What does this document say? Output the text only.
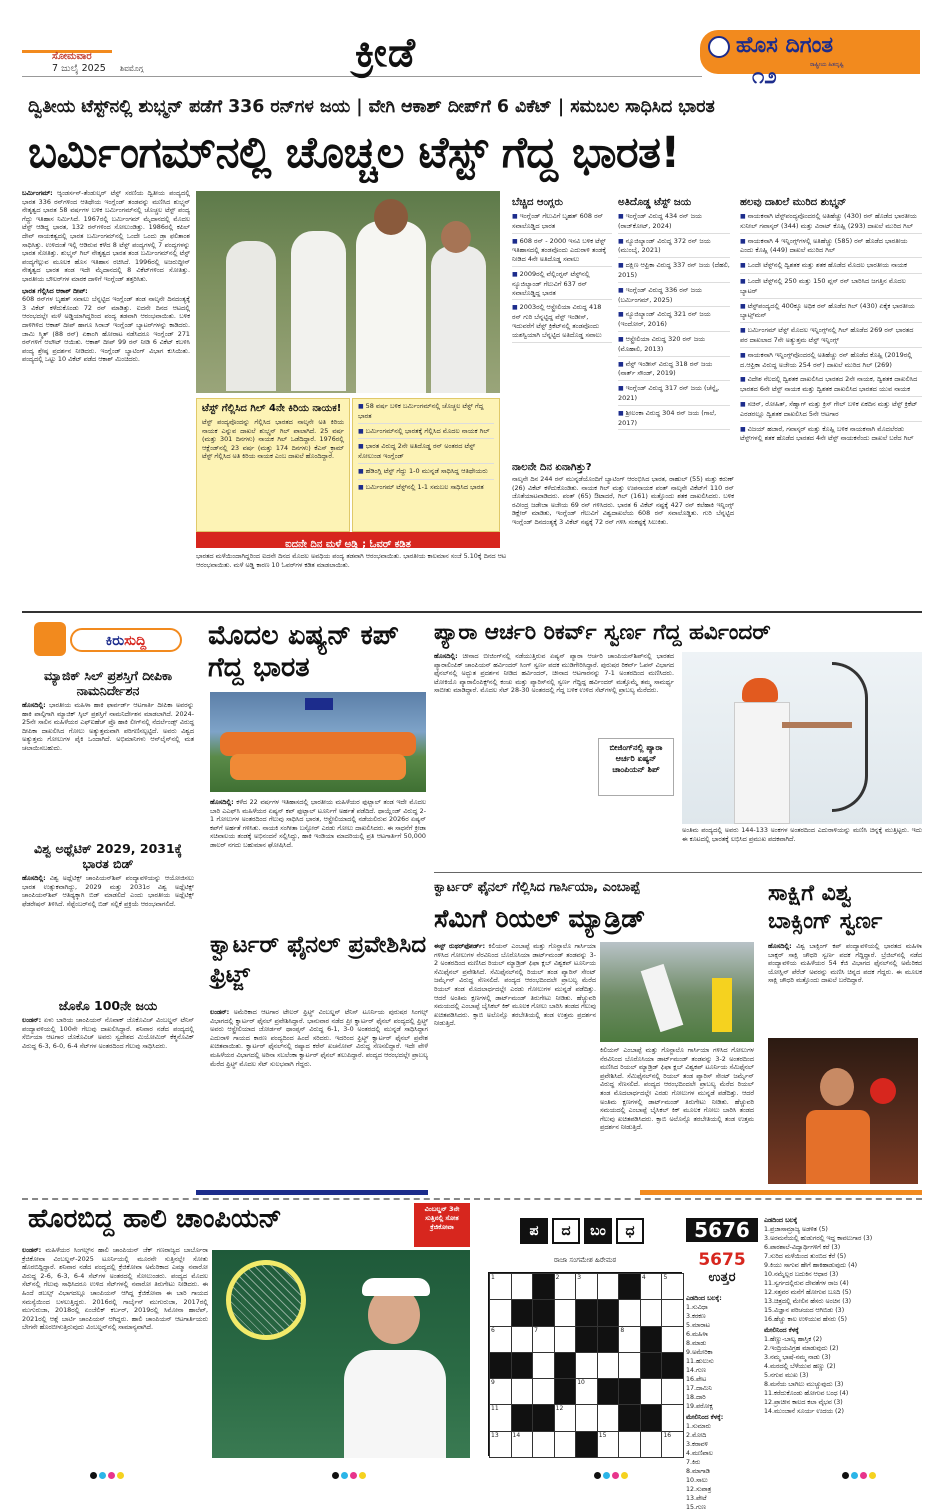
ಸೋಮವಾರ
7 ಜುಲೈ 2025 ಶಿವಮೊಗ್ಗ	ಕ್ರೀಡೆ	ಹೊಸ ದಿಗಂತ
ರಾಷ್ಟ್ರೀಯ ಹಿತದೃಷ್ಟಿ
೧೨
ದ್ವಿತೀಯ ಟೆಸ್ಟ್‌ನಲ್ಲಿ ಶುಭ್ಮನ್ ಪಡೆಗೆ 336 ರನ್‌ಗಳ ಜಯ | ವೇಗಿ ಆಕಾಶ್ ದೀಪ್‌ಗೆ 6 ವಿಕೆಟ್ | ಸಮಬಲ ಸಾಧಿಸಿದ ಭಾರತ
ಬರ್ಮಿಂಗಮ್‌ನಲ್ಲಿ ಚೊಚ್ಚಲ ಟೆಸ್ಟ್ ಗೆದ್ದ ಭಾರತ!
ಬರ್ಮಿಂಗಮ್: ಆ್ಯಂಡರ್ಸನ್-ತೆಂಡುಲ್ಕರ್ ಟೆಸ್ಟ್ ಸರಣಿಯ ದ್ವಿತೀಯ ಪಂದ್ಯದಲ್ಲಿ ಭಾರತ 336 ರನ್‌ಗಳಿಂದ ಆತಿಥೇಯ ಇಂಗ್ಲೆಂಡ್ ತಂಡವನ್ನು ಮಣಿಸಿದ ಶುಭ್ಮನ್ ನೇತೃತ್ವದ ಭಾರತ 58 ವರ್ಷಗಳ ಬಳಿಕ ಬರ್ಮಿಂಗಮ್‌ನಲ್ಲಿ ಚೊಚ್ಚಲ ಟೆಸ್ಟ್ ಪಂದ್ಯ ಗೆದ್ದು ಇತಿಹಾಸ ನಿರ್ಮಿಸಿದೆ. 1967ರಲ್ಲಿ ಬರ್ಮಿಂಗಮ್ ಮೈದಾನದಲ್ಲಿ ಮೊದಲ ಟೆಸ್ಟ್ ಆಡಿದ್ದ ಭಾರತ, 132 ರನ್‌ಗಳಿಂದ ಸೋಲುಂಡಿತ್ತು. 1986ರಲ್ಲಿ ಕಪಿಲ್ ದೇವ್ ನಾಯಕತ್ವದಲ್ಲಿ ಭಾರತ ಬರ್ಮಿಂಗಮ್‌ನಲ್ಲಿ ಒಂದೇ ಒಂದು ಡ್ರಾ ಫಲಿತಾಂಶ ಸಾಧಿಸಿತ್ತು. ಉಳಿದಂತೆ ಇಲ್ಲಿ ಆಡಿರುವ ಕಳೆದ 8 ಟೆಸ್ಟ್ ಪಂದ್ಯಗಳಲ್ಲಿ 7 ಪಂದ್ಯಗಳನ್ನು ಭಾರತ ಸೋತಿತ್ತು. ಶುಭ್ಮನ್ ಗಿಲ್ ನೇತೃತ್ವದ ಭಾರತ ತಂಡ ಬರ್ಮಿಂಗಮ್‌ನಲ್ಲಿ ಟೆಸ್ಟ್ ಪಂದ್ಯಗೆಲ್ಲುವ ಮೂಲಕ ಹೊಸ ಇತಿಹಾಸ ರಚಿಸಿದೆ. 1996ರಲ್ಲಿ ಅಜರುದ್ದೀನ್ ನೇತೃತ್ವದ ಭಾರತ ತಂಡ ಇದೇ ಮೈದಾನದಲ್ಲಿ 8 ವಿಕೆಟ್‌ಗಳಿಂದ ಸೋತಿತ್ತು. ಭಾರತೀಯ ಬೌಲರ್‌ಗಳ ಮಾರಕ ದಾಳಿಗೆ ಇಂಗ್ಲೆಂಡ್ ತತ್ತರಿಸಿತು.
ಭಾರತ ಗೆಲ್ಲಿಸಿದ ಆಕಾಶ್ ದೀಪ್:
608 ರನ್‌ಗಳ ಬೃಹತ್ ಸವಾಲು ಬೆನ್ನಟ್ಟಿದ ಇಂಗ್ಲೆಂಡ್ ತಂಡ ನಾಲ್ಕನೇ ದಿನದಂತ್ಯಕ್ಕೆ 3 ವಿಕೆಟ್ ಕಳೆದುಕೊಂಡು 72 ರನ್ ಮಾಡಿತ್ತು. ಐದನೇ ದಿನದ ಆಟದಲ್ಲಿ ಆರಂಭದಲ್ಲೇ ಮಳೆ ಅಡ್ಡಿಯಾಗಿದ್ದರಿಂದ ಪಂದ್ಯ ತಡವಾಗಿ ಆರಂಭವಾಯಿತು. ಬಳಿಕ ದಾಳಿಗಿಳಿದ ಆಕಾಶ್ ದೀಪ್ ಹಾಗೂ ಸಿರಾಜ್ ಇಂಗ್ಲೆಂಡ್ ಬ್ಯಾಟರ್‌ಗಳನ್ನು ಕಾಡಿದರು. ಜಾಮಿ ಸ್ಮಿತ್ (88 ರನ್) ಏಕಾಂಗಿ ಹೋರಾಟ ನಡೆಸಿದರೂ ಇಂಗ್ಲೆಂಡ್ 271 ರನ್‌ಗಳಿಗೆ ಆಲೌಟ್ ಆಯಿತು. ಆಕಾಶ್ ದೀಪ್ 99 ರನ್ ನೀಡಿ 6 ವಿಕೆಟ್ ಕಬಳಿಸಿ ಪಂದ್ಯ ಶ್ರೇಷ್ಠ ಪ್ರದರ್ಶನ ನೀಡಿದರು. ಇಂಗ್ಲೆಂಡ್ ಬ್ಯಾಟಿಂಗ್ ವಿಭಾಗ ಕುಸಿಯಿತು. ಪಂದ್ಯದಲ್ಲಿ ಒಟ್ಟು 10 ವಿಕೆಟ್ ಪಡೆದ ಆಕಾಶ್ ಮಿಂಚಿದರು.
ಟೆಸ್ಟ್ ಗೆಲ್ಲಿಸಿದ ಗಿಲ್ 4ನೇ ಕಿರಿಯ ನಾಯಕ!
ಟೆಸ್ಟ್ ಪಂದ್ಯವೊಂದನ್ನು ಗೆಲ್ಲಿಸಿದ ಭಾರತದ ನಾಲ್ಕನೇ ಅತಿ ಕಿರಿಯ ನಾಯಕ ಎನ್ನುವ ದಾಖಲೆ ಶುಭ್ಮನ್ ಗಿಲ್ ಪಾಲಾಗಿದೆ. 25 ವರ್ಷ (ಮತ್ತು 301 ದಿನಗಳು) ನಾಯಕ ಗಿಲ್ ಒಡೆದಿದ್ದಾರೆ. 1976ರಲ್ಲಿ ಆಕ್ಲೆಂಡ್‌ನಲ್ಲಿ 23 ವರ್ಷ (ಮತ್ತು 174 ದಿನಗಳು) ಕೆಎಸ್‌ ಕ್ರಾಮ್ ಟೆಸ್ಟ್ ಗೆಲ್ಲಿಸಿದ ಅತಿ ಕಿರಿಯ ನಾಯಕ ಎಂಬ ದಾಖಲೆ ಹೊಂದಿದ್ದಾರೆ.
■ 58 ವರ್ಷ ಬಳಿಕ ಬರ್ಮಿಂಗಮ್‌ನಲ್ಲಿ ಚೊಚ್ಚಲ ಟೆಸ್ಟ್ ಗೆದ್ದ ಭಾರತ
■ ಬರ್ಮಿಂಗಮ್‌ನಲ್ಲಿ ಭಾರತಕ್ಕೆ ಗೆಲ್ಲಿಸಿದ ಮೊದಲ ನಾಯಕ ಗಿಲ್
■ ಭಾರತ ವಿರುದ್ಧ 2ನೇ ಅತಿದೊಡ್ಡ ರನ್ ಅಂತರದ ಟೆಸ್ಟ್ ಸೋಲುಂಡ ಇಂಗ್ಲೆಂಡ್
■ ಹೆಡಿಂಗ್ಲಿ ಟೆಸ್ಟ್ ಗೆದ್ದು 1-0 ಮುನ್ನಡೆ ಸಾಧಿಸಿದ್ದ ಆತಿಥೇಯರು
■ ಬರ್ಮಿಂಗಮ್ ಟೆಸ್ಟ್‌ನಲ್ಲಿ 1-1 ಸಮಬಲ ಸಾಧಿಸಿದ ಭಾರತ
ಐದನೇ ದಿನ ಮಳೆ ಅಡ್ಡಿ ; ಓವರ್ ಕಡಿತ
ಭಾರತದ ಮಳೆಯಿಂದಾಗಿದ್ದರಿಂದ ಐದನೇ ದಿನದ ಮೊದಲ ಅವಧಿಯ ಪಂದ್ಯ ತಡವಾಗಿ ಆರಂಭವಾಯಿತು. ಭಾರತೀಯ ಕಾಲಮಾನ ಸಂಜೆ 5.10ಕ್ಕೆ ದಿನದ ಆಟ ಆರಂಭವಾಯಿತು. ಮಳೆ ಅಡ್ಡಿ ಕಾರಣ 10 ಓವರ್‌ಗಳ ಕಡಿತ ಮಾಡಲಾಯಿತು.
ಬೆಚ್ಚಿದ ಆಂಗ್ಲರು
■ ಇಂಗ್ಲೆಂಡ್ ಗೆಲುವಿಗೆ ಬೃಹತ್ 608 ರನ್ ಸವಾಲೊಡ್ಡಿದ ಭಾರತ
■ 608 ರನ್ - 2000 ಇಸವಿ ಬಳಿಕ ಟೆಸ್ಟ್ ಇತಿಹಾಸದಲ್ಲಿ ತಂಡವೊಂದು ಎದುರಾಳಿ ತಂಡಕ್ಕೆ ನೀಡಿದ 4ನೇ ಅತಿದೊಡ್ಡ ಸವಾಲು
■ 2009ರಲ್ಲಿ ವೆಲ್ಲಿಂಗ್ಟನ್ ಟೆಸ್ಟ್‌ನಲ್ಲಿ ನ್ಯೂಜಿಲ್ಯಾಂಡ್ ಗೆಲುವಿಗೆ 637 ರನ್ ಸವಾಲೊಡ್ಡಿದ್ದ ಭಾರತ
■ 2003ರಲ್ಲಿ ಆಸ್ಟ್ರೇಲಿಯಾ ವಿರುದ್ಧ 418 ರನ್ ಗುರಿ ಬೆನ್ನಟ್ಟಿದ್ದ ವೆಸ್ಟ್ ಇಂಡೀಸ್, ಇದುವರೆಗೆ ಟೆಸ್ಟ್ ಕ್ರಿಕೆಟ್‌ನಲ್ಲಿ ತಂಡವೊಂದು ಯಶಸ್ವಿಯಾಗಿ ಬೆನ್ನಟ್ಟಿದ ಅತಿದೊಡ್ಡ ಸವಾಲು
ಅತಿದೊಡ್ಡ ಟೆಸ್ಟ್ ಜಯ
■ ಇಂಗ್ಲೆಂಡ್ ವಿರುದ್ಧ 434 ರನ್ ಜಯ (ರಾಜ್‌ಕೋಟ್, 2024)
■ ನ್ಯೂಜಿಲ್ಯಾಂಡ್ ವಿರುದ್ಧ 372 ರನ್ ಜಯ (ಮುಂಬೈ, 2021)
■ ದಕ್ಷಿಣ ಆಫ್ರಿಕಾ ವಿರುದ್ಧ 337 ರನ್ ಜಯ (ದೆಹಲಿ, 2015)
■ ಇಂಗ್ಲೆಂಡ್ ವಿರುದ್ಧ 336 ರನ್ ಜಯ (ಬರ್ಮಿಂಗಮ್, 2025)
■ ನ್ಯೂಜಿಲ್ಯಾಂಡ್ ವಿರುದ್ಧ 321 ರನ್ ಜಯ (ಇಂದೋರ್, 2016)
■ ಆಸ್ಟ್ರೇಲಿಯಾ ವಿರುದ್ಧ 320 ರನ್ ಜಯ (ಮೊಹಾಲಿ, 2013)
■ ವೆಸ್ಟ್ ಇಂಡೀಸ್ ವಿರುದ್ಧ 318 ರನ್ ಜಯ (ನಾರ್ತ್ ಸೌಂಡ್, 2019)
■ ಇಂಗ್ಲೆಂಡ್ ವಿರುದ್ಧ 317 ರನ್ ಜಯ (ಚೆನ್ನೈ, 2021)
■ ಶ್ರೀಲಂಕಾ ವಿರುದ್ಧ 304 ರನ್ ಜಯ (ಗಾಲೆ, 2017)
ನಾಲನೇ ದಿನ ಏನಾಗಿತ್ತು?
ನಾಲ್ಕನೇ ದಿನ 244 ರನ್ ಮುನ್ನಡೆಯೊಂದಿಗೆ ಬ್ಯಾಟಿಂಗ್ ಆರಂಭಿಸಿದ ಭಾರತ, ರಾಹುಲ್ (55) ಮತ್ತು ಕರುಣ್ (26) ವಿಕೆಟ್ ಕಳೆದುಕೊಂಡಿತು. ನಾಯಕ ಗಿಲ್ ಮತ್ತು ಉಪನಾಯಕ ಪಂತ್ ನಾಲ್ಕನೇ ವಿಕೆಟ್‌ಗೆ 110 ರನ್ ಜೊತೆಯಾಟವಾಡಿದರು. ಪಂತ್ (65) ಔಟಾದರೆ, ಗಿಲ್ (161) ಮತ್ತೊಂದು ಶತಕ ದಾಖಲಿಸಿದರು. ಬಳಿಕ ರವೀಂದ್ರ ಜಡೇಜಾ ಅಜೇಯ 69 ರನ್ ಗಳಿಸಿದರು. ಭಾರತ 6 ವಿಕೆಟ್ ನಷ್ಟಕ್ಕೆ 427 ರನ್ ಕಲೆಹಾಕಿ ಇನ್ನಿಂಗ್ಸ್ ಡಿಕ್ಲೇರ್ ಮಾಡಿತು, ಇಂಗ್ಲೆಂಡ್ ಗೆಲುವಿಗೆ ವಿಶ್ವದಾಖಲೆಯ 608 ರನ್ ಸವಾಲೊಡ್ಡಿತು. ಗುರಿ ಬೆನ್ನಟ್ಟಿದ ಇಂಗ್ಲೆಂಡ್ ದಿನದಂತ್ಯಕ್ಕೆ 3 ವಿಕೆಟ್ ನಷ್ಟಕ್ಕೆ 72 ರನ್ ಗಳಿಸಿ ಸಂಕಷ್ಟಕ್ಕೆ ಸಿಲುಕಿತು.
ಹಲವು ದಾಖಲೆ ಮುರಿದ ಶುಭ್ಮನ್
■ ನಾಯಕನಾಗಿ ಟೆಸ್ಟ್‌ಪಂದ್ಯವೊಂದರಲ್ಲಿ ಅತಿಹೆಚ್ಚು (430) ರನ್ ಹೊಡೆದ ಭಾರತೀಯ ಸುನೀಲ್ ಗವಾಸ್ಕರ್ (344) ಮತ್ತು ವಿರಾಟ್ ಕೊಹ್ಲಿ (293) ದಾಖಲೆ ಮುರಿದ ಗಿಲ್
■ ನಾಯಕನಾಗಿ 4 ಇನ್ನಿಂಗ್ಸ್‌ಗಳಲ್ಲಿ ಅತಿಹೆಚ್ಚು (585) ರನ್ ಹೊಡೆದ ಭಾರತೀಯ ಎಂದು ಕೊಹ್ಲಿ (449) ದಾಖಲೆ ಮುರಿದ ಗಿಲ್
■ ಒಂದೇ ಟೆಸ್ಟ್‌ನಲ್ಲಿ ದ್ವಿಶತಕ ಮತ್ತು ಶತಕ ಹೊಡೆದ ಮೊದಲ ಭಾರತೀಯ ನಾಯಕ
■ ಒಂದೇ ಟೆಸ್ಟ್‌ನಲ್ಲಿ 250 ಮತ್ತು 150 ಪ್ಲಸ್ ರನ್ ಬಾರಿಸಿದ ಜಗತ್ತಿನ ಮೊದಲ ಬ್ಯಾಟರ್
■ ಟೆಸ್ಟ್‌ಪಂದ್ಯದಲ್ಲಿ 400ಕ್ಕೂ ಅಧಿಕ ರನ್ ಹೊಡೆದ ಗಿಲ್ (430) ಏಕೈಕ ಭಾರತೀಯ ಬ್ಯಾಟ್ಸ್‌ಮನ್
■ ಬರ್ಮಿಂಗಮ್ ಟೆಸ್ಟ್ ಮೊದಲ ಇನ್ನಿಂಗ್ಸ್‌ನಲ್ಲಿ ಗಿಲ್ ಹೊಡೆದ 269 ರನ್ ಭಾರತದ ಪರ ದಾಖಲಾದ 7ನೇ ಅತ್ಯುತ್ತಮ ಟೆಸ್ಟ್ ಇನ್ನಿಂಗ್ಸ್
■ ನಾಯಕನಾಗಿ ಇನ್ನಿಂಗ್ಸ್‌ವೊಂದರಲ್ಲಿ ಅತಿಹೆಚ್ಚು ರನ್ ಹೊಡೆದ ಕೊಹ್ಲಿ (2019ರಲ್ಲಿ ದ.ಆಫ್ರಿಕಾ ವಿರುದ್ಧ ಅಜೇಯ 254 ರನ್) ದಾಖಲೆ ಮುರಿದ ಗಿಲ್ (269)
■ ವಿದೇಶ ನೆಲದಲ್ಲಿ ದ್ವಿಶತಕ ದಾಖಲಿಸಿದ ಭಾರತದ 2ನೇ ನಾಯಕ, ದ್ವಿಶತಕ ದಾಖಲಿಸಿದ ಭಾರತದ 6ನೇ ಟೆಸ್ಟ್ ನಾಯಕ ಮತ್ತು ದ್ವಿಶತಕ ದಾಖಲಿಸಿದ ಭಾರತದ ಯುವ ನಾಯಕ
■ ಸಚಿನ್, ರೋಹಿತ್, ಸೆಹ್ವಾಗ್ ಮತ್ತು ಕ್ರಿಸ್ ಗೇಲ್ ಬಳಿಕ ಏಕದಿನ ಮತ್ತು ಟೆಸ್ಟ್ ಕ್ರಿಕೆಟ್ ಎರಡರಲ್ಲೂ ದ್ವಿಶತಕ ದಾಖಲಿಸಿದ 5ನೇ ಆಟಗಾರ
■ ವಿಜಯ್ ಹಜಾರೆ, ಗವಾಸ್ಕರ್ ಮತ್ತು ಕೊಹ್ಲಿ ಬಳಿಕ ನಾಯಕನಾಗಿ ಮೊದಲೆರಡು ಟೆಸ್ಟ್‌ಗಳಲ್ಲಿ ಶತಕ ಹೊಡೆದ ಭಾರತದ 4ನೇ ಟೆಸ್ಟ್ ನಾಯಕನೆಂದು ದಾಖಲೆ ಬರೆದ ಗಿಲ್
ಕಿರುಸುದ್ದಿ
ಮ್ಯಾಜಿಕ್ ಸಿಲ್ ಪ್ರಶಸ್ತಿಗೆ ದೀಪಿಕಾ ನಾಮನಿರ್ದೇಶನ
ಹೊಸದಿಲ್ಲಿ: ಭಾರತೀಯ ಮಹಿಳಾ ಹಾಕಿ ಫಾರ್ವರ್ಡ್ ಆಟಗಾರ್ತಿ ದೀಪಿಕಾ ಅವರನ್ನು ಹಾಕಿ ಪಾಲ್ಗಿಗಾಗಿ ಮ್ಯಾಜಿಕ್ ಸ್ಕಿಲ್ ಪ್ರಶಸ್ತಿಗೆ ನಾಮನಿರ್ದೇಶನ ಮಾಡಲಾಗಿದೆ. 2024-25ನೇ ಸಾಲಿನ ಮಹಿಳೆಯರ ಎಫ್‌ಐಹೆಚ್ ಪ್ರೊ ಹಾಕಿ ಲೀಗ್‌ನಲ್ಲಿ ನೆದರ್ಲೆಂಡ್ಸ್ ವಿರುದ್ಧ ದೀಪಿಕಾ ದಾಖಲಿಸಿದ ಗೋಲು ಅತ್ಯುತ್ತಮವಾಗಿ ಪರಿಗಣಿಸಲ್ಪಟ್ಟಿದೆ. ಅವರು ವಿಶ್ವದ ಅತ್ಯುತ್ತಮ ಗೋಲುಗಳ ಪೈಕಿ ಒಂದಾಗಿದೆ. ಅಭಿಮಾನಿಗಳು ಆನ್‌ಲೈನ್‌ನಲ್ಲಿ ಮತ ಚಲಾಯಿಸಬಹುದು.
ವಿಶ್ವ ಅಥ್ಲೆಟಿಕ್ 2029, 2031ಕ್ಕೆ ಭಾರತ ಬಿಡ್
ಹೊಸದಿಲ್ಲಿ: ವಿಶ್ವ ಅಥ್ಲೆಟಿಕ್ಸ್ ಚಾಂಪಿಯನ್‌ಶಿಪ್ ಪಂದ್ಯಾವಳಿಯನ್ನು ಆಯೋಜಿಸಲು ಭಾರತ ಉತ್ಸುಕವಾಗಿದ್ದು, 2029 ಮತ್ತು 2031ರ ವಿಶ್ವ ಅಥ್ಲೆಟಿಕ್ಸ್ ಚಾಂಪಿಯನ್‌ಶಿಪ್ ಆತಿಥ್ಯಕ್ಕಾಗಿ ಬಿಡ್ ಮಾಡಲಿದೆ ಎಂದು ಭಾರತೀಯ ಅಥ್ಲೆಟಿಕ್ಸ್ ಫೆಡರೇಷನ್ ತಿಳಿಸಿದೆ. ಸೆಪ್ಟೆಂಬರ್‌ನಲ್ಲಿ ಬಿಡ್ ಸಲ್ಲಿಕೆ ಪ್ರಕ್ರಿಯೆ ಆರಂಭವಾಗಲಿದೆ.
ಜೊಕೊ 100ನೇ ಜಯ
ಲಂಡನ್: ಏಳು ಬಾರಿಯ ಚಾಂಪಿಯನ್ ನೊವಾಕ್ ಜೊಕೊವಿಚ್ ವಿಂಬಲ್ಡನ್ ಟೆನಿಸ್ ಪಂದ್ಯಾವಳಿಯಲ್ಲಿ 100ನೇ ಗೆಲುವು ದಾಖಲಿಸಿದ್ದಾರೆ. ಶನಿವಾರ ನಡೆದ ಪಂದ್ಯದಲ್ಲಿ ಸೆರ್ಬಿಯಾ ಆಟಗಾರ ಜೊಕೊವಿಚ್ ಅವರು ಸ್ವದೇಶದ ಮಿಯೋಮಿರ್ ಕೆಕ್ಮನೊವಿಕ್ ವಿರುದ್ಧ 6-3, 6-0, 6-4 ಸೆಟ್‌ಗಳ ಅಂತರದಿಂದ ಗೆಲುವು ಸಾಧಿಸಿದರು.
ಮೊದಲ ಏಷ್ಯನ್ ಕಪ್ ಗೆದ್ದ ಭಾರತ
ಹೊಸದಿಲ್ಲಿ: ಕಳೆದ 22 ವರ್ಷಗಳ ಇತಿಹಾಸದಲ್ಲಿ ಭಾರತೀಯ ಮಹಿಳೆಯರ ಫುಟ್ಬಾಲ್ ತಂಡ ಇದೇ ಮೊದಲ ಬಾರಿ ಎಎಫ್‌ಸಿ ಮಹಿಳೆಯರ ಏಷ್ಯನ್ ಕಪ್ ಫುಟ್ಬಾಲ್ ಟೂರ್ನಿಗೆ ಅರ್ಹತೆ ಪಡೆದಿದೆ. ಥಾಯ್ಲೆಂಡ್ ವಿರುದ್ಧ 2-1 ಗೋಲುಗಳ ಅಂತರದಿಂದ ಗೆಲುವು ಸಾಧಿಸಿದ ಭಾರತ, ಆಸ್ಟ್ರೇಲಿಯಾದಲ್ಲಿ ನಡೆಯಲಿರುವ 2026ರ ಏಷ್ಯನ್ ಕಪ್‌ಗೆ ಅರ್ಹತೆ ಗಳಿಸಿತು. ನಾಯಕಿ ಸಂಗೀತಾ ಬಸ್ಫೋರ್ ಎರಡು ಗೋಲು ದಾಖಲಿಸಿದರು. ಈ ಸಾಧನೆಗೆ ಕ್ರೀಡಾ ಸಚಿವಾಲಯ ತಂಡಕ್ಕೆ ಅಭಿನಂದನೆ ಸಲ್ಲಿಸಿದ್ದು, ಹಾಕಿ ಇಂಡಿಯಾ ಮಾದರಿಯಲ್ಲಿ ಪ್ರತಿ ಆಟಗಾರ್ತಿಗೆ 50,000 ಡಾಲರ್ ನಗದು ಬಹುಮಾನ ಘೋಷಿಸಿದೆ.
ಪ್ಯಾರಾ ಆರ್ಚರಿ ರಿಕರ್ವ್ ಸ್ವರ್ಣ ಗೆದ್ದ ಹರ್ವಿಂದರ್
ಹೊಸದಿಲ್ಲಿ: ಚೀನಾದ ಬೀಜಿಂಗ್‌ನಲ್ಲಿ ನಡೆಯುತ್ತಿರುವ ಏಷ್ಯನ್ ಪ್ಯಾರಾ ಆರ್ಚರಿ ಚಾಂಪಿಯನ್‌ಶಿಪ್‌ನಲ್ಲಿ ಭಾರತದ ಪ್ಯಾರಾಲಿಂಪಿಕ್ ಚಾಂಪಿಯನ್ ಹರ್ವಿಂದರ್ ಸಿಂಗ್ ಸ್ವರ್ಣ ಪದಕ ಮುಡಿಗೇರಿಸಿದ್ದಾರೆ. ಪುರುಷರ ರಿಕರ್ವ್ ಓಪನ್ ವಿಭಾಗದ ಫೈನಲ್‌ನಲ್ಲಿ ಅದ್ಭುತ ಪ್ರದರ್ಶನ ನೀಡಿದ ಹರ್ವಿಂದರ್, ಚೀನಾದ ಆಟಗಾರನನ್ನು 7-1 ಅಂತರದಿಂದ ಮಣಿಸಿದರು. ಟೋಕಿಯೊ ಪ್ಯಾರಾಲಿಂಪಿಕ್ಸ್‌ನಲ್ಲಿ ಕಂಚು ಮತ್ತು ಪ್ಯಾರಿಸ್‌ನಲ್ಲಿ ಸ್ವರ್ಣ ಗೆದ್ದಿದ್ದ ಹರ್ವಿಂದರ್ ಮತ್ತೊಮ್ಮೆ ತಮ್ಮ ಸಾಮರ್ಥ್ಯ ಸಾಬೀತು ಮಾಡಿದ್ದಾರೆ. ಮೊದಲ ಸೆಟ್ 28-30 ಅಂತರದಲ್ಲಿ ಗೆದ್ದ ಬಳಿಕ ಉಳಿದ ಸೆಟ್‌ಗಳಲ್ಲಿ ಪ್ರಾಬಲ್ಯ ಮೆರೆದರು.
ಬೀಜಿಂಗ್‌ನಲ್ಲಿ ಪ್ಯಾರಾ ಆರ್ಚರಿ ಏಷ್ಯನ್ ಚಾಂಪಿಯನ್ ಶಿಪ್
ಅಂತಿಮ ಪಂದ್ಯದಲ್ಲಿ ಅವರು 144-133 ಅಂಕಗಳ ಅಂತರದಿಂದ ಎದುರಾಳಿಯನ್ನು ಮಣಿಸಿ ಚಿನ್ನಕ್ಕೆ ಮುತ್ತಿಟ್ಟರು. ಇದು ಈ ಕೂಟದಲ್ಲಿ ಭಾರತಕ್ಕೆ ಲಭಿಸಿದ ಪ್ರಮುಖ ಪದಕವಾಗಿದೆ.
ಕ್ವಾರ್ಟರ್ ಫೈನಲ್ ಗೆಲ್ಲಿಸಿದ ಗಾರ್ಸಿಯಾ, ಎಂಬಾಪ್ಪೆ
ಸೆಮಿಗೆ ರಿಯಲ್ ಮ್ಯಾಡ್ರಿಡ್
ಈಸ್ಟ್ ರುಥರ್‌ಫೋರ್ಡ್: ಕಿಲಿಯನ್ ಎಂಬಾಪ್ಪೆ ಮತ್ತು ಗೊನ್ಜಾಲೊ ಗಾರ್ಸಿಯಾ ಗಳಿಸಿದ ಗೋಲುಗಳ ನೆರವಿನಿಂದ ಬೊರೊಸಿಯಾ ಡಾರ್ಟ್‌ಮಂಡ್ ತಂಡವನ್ನು 3-2 ಅಂತರದಿಂದ ಮಣಿಸಿದ ರಿಯಲ್ ಮ್ಯಾಡ್ರಿಡ್ ಫಿಫಾ ಕ್ಲಬ್ ವಿಶ್ವಕಪ್ ಟೂರ್ನಿಯ ಸೆಮಿಫೈನಲ್ ಪ್ರವೇಶಿಸಿದೆ. ಸೆಮಿಫೈನಲ್‌ನಲ್ಲಿ ರಿಯಲ್ ತಂಡ ಪ್ಯಾರಿಸ್ ಸೇಂಟ್ ಜರ್ಮೈನ್ ವಿರುದ್ಧ ಸೆಣಸಲಿದೆ. ಪಂದ್ಯದ ಆರಂಭದಿಂದಲೇ ಪ್ರಾಬಲ್ಯ ಮೆರೆದ ರಿಯಲ್ ತಂಡ ಮೊದಲಾರ್ಧದಲ್ಲೇ ಎರಡು ಗೋಲುಗಳ ಮುನ್ನಡೆ ಪಡೆದಿತ್ತು. ಆದರೆ ಅಂತಿಮ ಕ್ಷಣಗಳಲ್ಲಿ ಡಾರ್ಟ್‌ಮಂಡ್ ತಿರುಗೇಟು ನೀಡಿತು. ಹೆಚ್ಚುವರಿ ಸಮಯದಲ್ಲಿ ಎಂಬಾಪ್ಪೆ ಬೈಸಿಕಲ್ ಕಿಕ್ ಮೂಲಕ ಗೋಲು ಬಾರಿಸಿ ತಂಡದ ಗೆಲುವು ಖಚಿತಪಡಿಸಿದರು. ಕ್ಸಾಬಿ ಅಲೊನ್ಸೊ ತರಬೇತಿಯಲ್ಲಿ ತಂಡ ಉತ್ತಮ ಪ್ರದರ್ಶನ ನೀಡುತ್ತಿದೆ.
ಕಿಲಿಯನ್ ಎಂಬಾಪ್ಪೆ ಮತ್ತು ಗೊನ್ಜಾಲೊ ಗಾರ್ಸಿಯಾ ಗಳಿಸಿದ ಗೋಲುಗಳ ನೆರವಿನಿಂದ ಬೊರೊಸಿಯಾ ಡಾರ್ಟ್‌ಮಂಡ್ ತಂಡವನ್ನು 3-2 ಅಂತರದಿಂದ ಮಣಿಸಿದ ರಿಯಲ್ ಮ್ಯಾಡ್ರಿಡ್ ಫಿಫಾ ಕ್ಲಬ್ ವಿಶ್ವಕಪ್ ಟೂರ್ನಿಯ ಸೆಮಿಫೈನಲ್ ಪ್ರವೇಶಿಸಿದೆ. ಸೆಮಿಫೈನಲ್‌ನಲ್ಲಿ ರಿಯಲ್ ತಂಡ ಪ್ಯಾರಿಸ್ ಸೇಂಟ್ ಜರ್ಮೈನ್ ವಿರುದ್ಧ ಸೆಣಸಲಿದೆ. ಪಂದ್ಯದ ಆರಂಭದಿಂದಲೇ ಪ್ರಾಬಲ್ಯ ಮೆರೆದ ರಿಯಲ್ ತಂಡ ಮೊದಲಾರ್ಧದಲ್ಲೇ ಎರಡು ಗೋಲುಗಳ ಮುನ್ನಡೆ ಪಡೆದಿತ್ತು. ಆದರೆ ಅಂತಿಮ ಕ್ಷಣಗಳಲ್ಲಿ ಡಾರ್ಟ್‌ಮಂಡ್ ತಿರುಗೇಟು ನೀಡಿತು. ಹೆಚ್ಚುವರಿ ಸಮಯದಲ್ಲಿ ಎಂಬಾಪ್ಪೆ ಬೈಸಿಕಲ್ ಕಿಕ್ ಮೂಲಕ ಗೋಲು ಬಾರಿಸಿ ತಂಡದ ಗೆಲುವು ಖಚಿತಪಡಿಸಿದರು. ಕ್ಸಾಬಿ ಅಲೊನ್ಸೊ ತರಬೇತಿಯಲ್ಲಿ ತಂಡ ಉತ್ತಮ ಪ್ರದರ್ಶನ ನೀಡುತ್ತಿದೆ.
ಸಾಕ್ಷಿಗೆ ವಿಶ್ವ ಬಾಕ್ಸಿಂಗ್ ಸ್ವರ್ಣ
ಹೊಸದಿಲ್ಲಿ: ವಿಶ್ವ ಬಾಕ್ಸಿಂಗ್ ಕಪ್ ಪಂದ್ಯಾವಳಿಯಲ್ಲಿ ಭಾರತದ ಮಹಿಳಾ ಬಾಕ್ಸರ್ ಸಾಕ್ಷಿ ಚೌಧರಿ ಸ್ವರ್ಣ ಪದಕ ಗೆದ್ದಿದ್ದಾರೆ. ಬ್ರೆಜಿಲ್‌ನಲ್ಲಿ ನಡೆದ ಪಂದ್ಯಾವಳಿಯ ಮಹಿಳೆಯರ 54 ಕೆಜಿ ವಿಭಾಗದ ಫೈನಲ್‌ನಲ್ಲಿ ಅಮೆರಿಕದ ಯೋಸ್ಲಿನ್ ಪೆರೆಜ್ ಅವರನ್ನು ಮಣಿಸಿ ಚಿನ್ನದ ಪದಕ ಗೆದ್ದರು. ಈ ಮೂಲಕ ಸಾಕ್ಷಿ ಚೌಧರಿ ಮತ್ತೊಂದು ದಾಖಲೆ ಬರೆದಿದ್ದಾರೆ.
ಕ್ವಾರ್ಟರ್ ಫೈನಲ್ ಪ್ರವೇಶಿಸಿದ ಫ್ರಿಟ್ಜ್
ಲಂಡನ್: ಅಮೆರಿಕಾದ ಆಟಗಾರ ಟೇಲರ್ ಫ್ರಿಟ್ಜ್ ವಿಂಬಲ್ಡನ್ ಟೆನಿಸ್ ಟೂರ್ನಿಯ ಪುರುಷರ ಸಿಂಗಲ್ಸ್ ವಿಭಾಗದಲ್ಲಿ ಕ್ವಾರ್ಟರ್ ಫೈನಲ್ ಪ್ರವೇಶಿಸಿದ್ದಾರೆ. ಭಾನುವಾರ ನಡೆದ ಪ್ರೀ ಕ್ವಾರ್ಟರ್ ಫೈನಲ್ ಪಂದ್ಯದಲ್ಲಿ ಫ್ರಿಟ್ಜ್ ಅವರು ಆಸ್ಟ್ರೇಲಿಯಾದ ಜೋರ್ಡನ್ ಥಾಂಪ್ಸನ್ ವಿರುದ್ಧ 6-1, 3-0 ಅಂತರದಲ್ಲಿ ಮುನ್ನಡೆ ಸಾಧಿಸಿದ್ದಾಗ ಎದುರಾಳಿ ಗಾಯದ ಕಾರಣ ಪಂದ್ಯದಿಂದ ಹಿಂದೆ ಸರಿದರು. ಇದರಿಂದ ಫ್ರಿಟ್ಜ್ ಕ್ವಾರ್ಟರ್ ಫೈನಲ್ ಪ್ರವೇಶ ಖಚಿತವಾಯಿತು. ಕ್ವಾರ್ಟರ್ ಫೈನಲ್‌ನಲ್ಲಿ ರಷ್ಯಾದ ಕರೆನ್ ಖಚನೋವ್ ವಿರುದ್ಧ ಸೆಣಸಲಿದ್ದಾರೆ. ಇದೇ ವೇಳೆ ಮಹಿಳೆಯರ ವಿಭಾಗದಲ್ಲಿ ಅರಿನಾ ಸಬಲೆಂಕಾ ಕ್ವಾರ್ಟರ್ ಫೈನಲ್ ತಲುಪಿದ್ದಾರೆ. ಪಂದ್ಯದ ಆರಂಭದಲ್ಲೇ ಪ್ರಾಬಲ್ಯ ಮೆರೆದ ಫ್ರಿಟ್ಜ್ ಮೊದಲ ಸೆಟ್ ಸುಲಭವಾಗಿ ಗೆದ್ದರು.
ಹೊರಬಿದ್ದ ಹಾಲಿ ಚಾಂಪಿಯನ್	ವಿಂಬಲ್ಡನ್ 3ನೇ
ಸುತ್ತಿನಲ್ಲಿ ಸೋತ ಕ್ರೆಜಿಕೋವಾ
ಲಂಡನ್: ಮಹಿಳೆಯರ ಸಿಂಗಲ್ಸ್‌ನ ಹಾಲಿ ಚಾಂಪಿಯನ್ ಜೆಕ್ ಗಣರಾಜ್ಯದ ಬಾರ್ಬೊರಾ ಕ್ರೆಜಿಕೋವಾ ವಿಂಬಲ್ಡನ್-2025 ಟೂರ್ನಿಯಲ್ಲಿ ಮೂರನೇ ಸುತ್ತಿನಲ್ಲೇ ಸೋತು ಹೊರಬಿದ್ದಿದ್ದಾರೆ. ಶನಿವಾರ ನಡೆದ ಪಂದ್ಯದಲ್ಲಿ ಕ್ರೆಜಿಕೋವಾ ಅಮೆರಿಕಾದ ಎಮ್ಮಾ ನವಾರೋ ವಿರುದ್ಧ 2-6, 6-3, 6-4 ಸೆಟ್‌ಗಳ ಅಂತರದಲ್ಲಿ ಸೋಲುಂಡರು. ಪಂದ್ಯದ ಮೊದಲ ಸೆಟ್‌ನಲ್ಲಿ ಗೆಲುವು ಸಾಧಿಸಿದರೂ ಉಳಿದ ಸೆಟ್‌ಗಳಲ್ಲಿ ನವಾರೋ ತಿರುಗೇಟು ನೀಡಿದರು. ಈ ಹಿಂದೆ ಡಬಲ್ಸ್ ವಿಭಾಗದಲ್ಲೂ ಚಾಂಪಿಯನ್ ಆಗಿದ್ದ ಕ್ರೆಜಿಕೋವಾ ಈ ಬಾರಿ ಗಾಯದ ಸಮಸ್ಯೆಯಿಂದ ಬಳಲುತ್ತಿದ್ದರು. 2016ರಲ್ಲಿ ಗಾರ್ಬೈನ್ ಮುಗುರುಜಾ, 2017ರಲ್ಲಿ ಮುಗುರುಜಾ, 2018ರಲ್ಲಿ ಏಂಜೆಲಿಕ್ ಕರ್ಬರ್, 2019ರಲ್ಲಿ ಸಿಮೋನಾ ಹಾಲೆಪ್, 2021ರಲ್ಲಿ ಆಶ್ಲೆ ಬಾರ್ಟಿ ಚಾಂಪಿಯನ್ ಆಗಿದ್ದರು. ಹಾಲಿ ಚಾಂಪಿಯನ್ ಆಟಗಾರ್ತಿಯರು ಬೇಗನೇ ಹೊರಬೀಳುತ್ತಿರುವುದು ವಿಂಬಲ್ಡನ್‌ನಲ್ಲಿ ಸಾಮಾನ್ಯವಾಗಿದೆ.
ಪ	ದ	ಬಂ	ಧ
ರಾಜಾ ಸಂಗಮೇಶ ಹಿರೇಮಠ
1	2	3	4	5
6	7	8
9	10
11	12
13 14	15	16
5676
5675
ಉತ್ತರ
ಎಡದಿಂದ ಬಲಕ್ಕೆ:
1.ಸುವಿಧಾ
3.ಕರಕಣ
5.ಮಾರಾಟ
6.ಮಹಿಳಾ
8.ಮಾಡು
9.ಅಮೇರಿಕಾ
11.ಹುಲುಸು
14.ಗುಣ
16.ಪೇಟ
17.ದಾಮಿನಿ
18.ದಾರಿ
19.ಪರೋಕ್ಷ
ಮೇಲಿನಿಂದ ಕೆಳಕ್ಕೆ:
1.ಸುಮಾರು
2.ಮೋದಿ
3.ಕರಾವಳಿ
4.ಮಣಿಪಾಲ
7.ಕಿರು
8.ಮಾಗಾಡಿ
10.ಸಾಲು
12.ಸುಪಾತ್ರ
13.ಪೇಟೆ
15.ಗುಣ
ಎಡದಿಂದ ಬಲಕ್ಕೆ
1.ಪ್ರಜಾಸಾಮ್ರಾಜ್ಯ ಅಡಳಿತ (5)
3.ಅರಮನೆಯಲ್ಲಿ ಹುಡುಗರಲ್ಲಿ ಇದ್ದ ಕಾವಲುಗಾರ (3)
6.ಪಾಠಶಾಲೆ-ವಿದ್ಯಾರ್ಥಿಗಳಿಗೆ ಕರೆ (3)
7.ಸುರಿದ ಮಳೆಯಿಂದ ತುಂಬಿದ ಕೆರೆ (5)
9.ಕಿಯು ಸಾಗುವ ಹೇಗೆ ಹಾಕಿಹಾಡುವುದು (4)
10.ನಮ್ಮೆಲ್ಲರ ಬದುಕಿನ ಆಧಾರ (3)
11.ಸ್ವರ್ಗದಲ್ಲಿರುವ ದೇವತೆಗಳ ರಾಜ (4)
12.ಸತ್ತವರ ಮನೆಗೆ ಹೋಗುವ ಬೂದಿ (5)
13.ಚಿತ್ರದಲ್ಲಿ ಮೇಲಿನ ಹೆಸರು ಅಂಚಿನ (3)
15.ವಿಜ್ಞಾನ ಪರಿಚಯದ ಆಗಿಬಿಡು (3)
16.ಹೆಚ್ಚು ಕಾಲ ಉಳಿಯುವ ಹೆಸರು (5)
ಮೇಲಿನಿಂದ ಕೆಳಕ್ಕೆ
1.ಹೆಣ್ಣು-ಬಾಲ್ಯ ಹಾಸ್ತಿಕ (2)
2.ಇಂದ್ರಿಯವಿಗ್ರಹ ಮಾಡುವುದು (2)
3.ನಮ್ಮ ಭಾಷೆ-ನಮ್ಮ ನಾಡು (3)
4.ಮರದಲ್ಲಿ ಬೆಳೆಯುವ ಹಣ್ಣು (2)
5.ನಗುವ ಮುಖ (3)
8.ಮನೆಯ ಬಾಗಿಲು ಮುಚ್ಚುವುದು (3)
11.ಕರೆದುಕೊಂಡು ಹೋಗುವ ಬಂಧ (4)
12.ಪ್ರಾಚೀನ ಕಾಲದ ಕಲಾ ವೈಭವ (3)
14.ಮುಂಜಾನೆ ಸೂರ್ಯ ಉದಯ (2)
